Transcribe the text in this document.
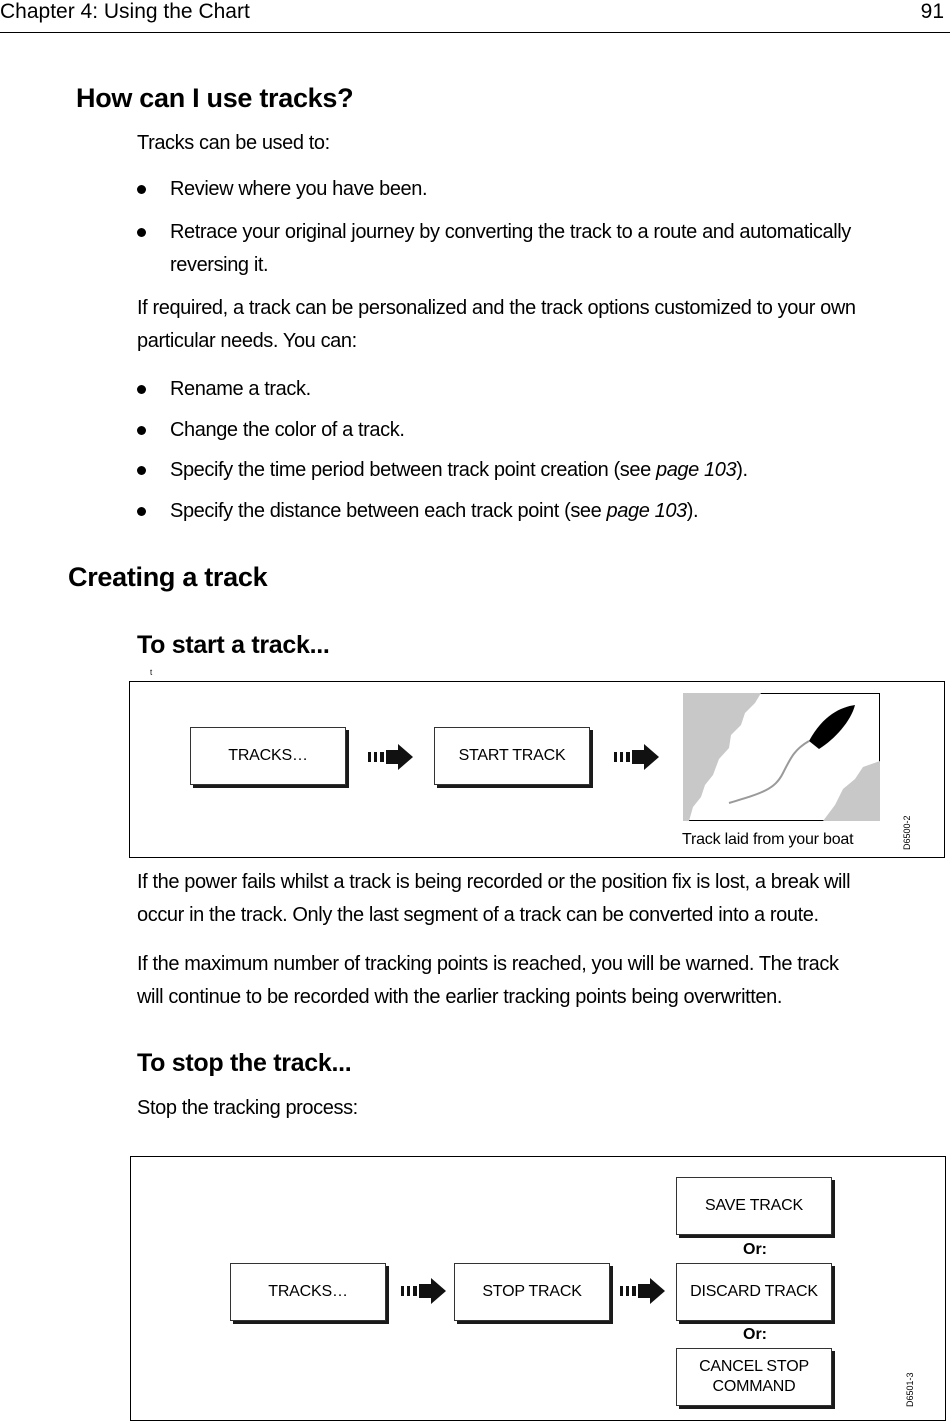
Chapter 4: Using the Chart	91
How can I use tracks?
Tracks can be used to:
Review where you have been.
Retrace your original journey by converting the track to a route and automatically
reversing it.
If required, a track can be personalized and the track options customized to your own
particular needs. You can:
Rename a track.
Change the color of a track.
Specify the time period between track point creation (see page 103).
Specify the distance between each track point (see page 103).
Creating a track
To start a track...
t
TRACKS…	START TRACK
Track laid from your boat	D6500-2
If the power fails whilst a track is being recorded or the position fix is lost, a break will
occur in the track. Only the last segment of a track can be converted into a route.
If the maximum number of tracking points is reached, you will be warned. The track
will continue to be recorded with the earlier tracking points being overwritten.
To stop the track...
Stop the tracking process:
TRACKS…	STOP TRACK
SAVE TRACK
Or:
DISCARD TRACK
Or:
CANCEL STOP
COMMAND	D6501-3
